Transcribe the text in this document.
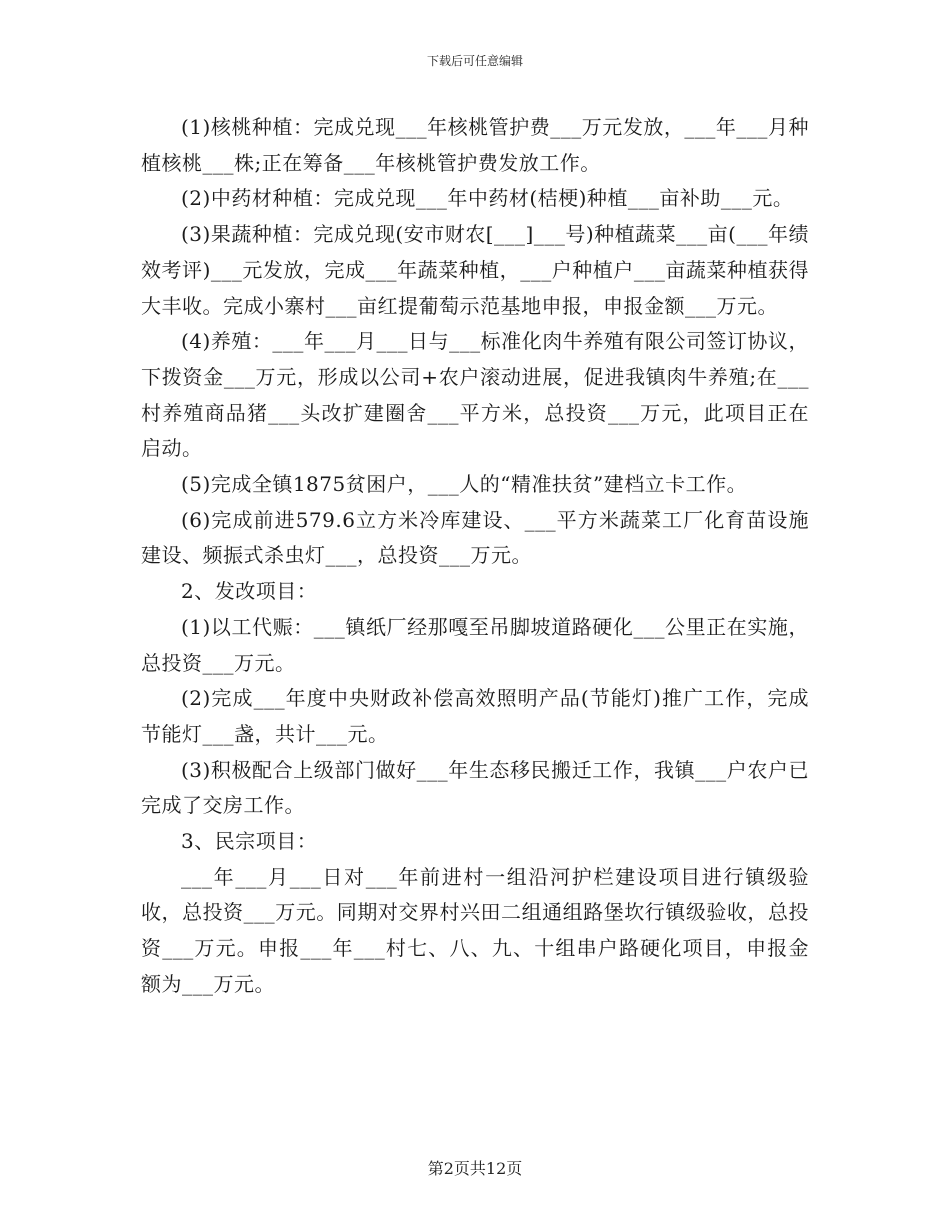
下载后可任意编辑

(1)核桃种植：完成兑现___年核桃管护费___万元发放，___年___月种植核桃___株;正在筹备___年核桃管护费发放工作。

(2)中药材种植：完成兑现___年中药材(桔梗)种植___亩补助___元。

(3)果蔬种植：完成兑现(安市财农[___]___号)种植蔬菜___亩(___年绩效考评)___元发放，完成___年蔬菜种植，___户种植户___亩蔬菜种植获得大丰收。完成小寨村___亩红提葡萄示范基地申报，申报金额___万元。

(4)养殖：___年___月___日与___标准化肉牛养殖有限公司签订协议，下拨资金___万元，形成以公司+农户滚动进展，促进我镇肉牛养殖;在___村养殖商品猪___头改扩建圈舍___平方米，总投资___万元，此项目正在启动。

(5)完成全镇1875贫困户，___人的“精准扶贫”建档立卡工作。

(6)完成前进579.6立方米冷库建设、___平方米蔬菜工厂化育苗设施建设、频振式杀虫灯___，总投资___万元。

2、发改项目：

(1)以工代赈：___镇纸厂经那嘎至吊脚坡道路硬化___公里正在实施，总投资___万元。

(2)完成___年度中央财政补偿高效照明产品(节能灯)推广工作，完成节能灯___盏，共计___元。

(3)积极配合上级部门做好___年生态移民搬迁工作，我镇___户农户已完成了交房工作。

3、民宗项目：

___年___月___日对___年前进村一组沿河护栏建设项目进行镇级验收，总投资___万元。同期对交界村兴田二组通组路堡坎行镇级验收，总投资___万元。申报___年___村七、八、九、十组串户路硬化项目，申报金额为___万元。

第2页共12页
